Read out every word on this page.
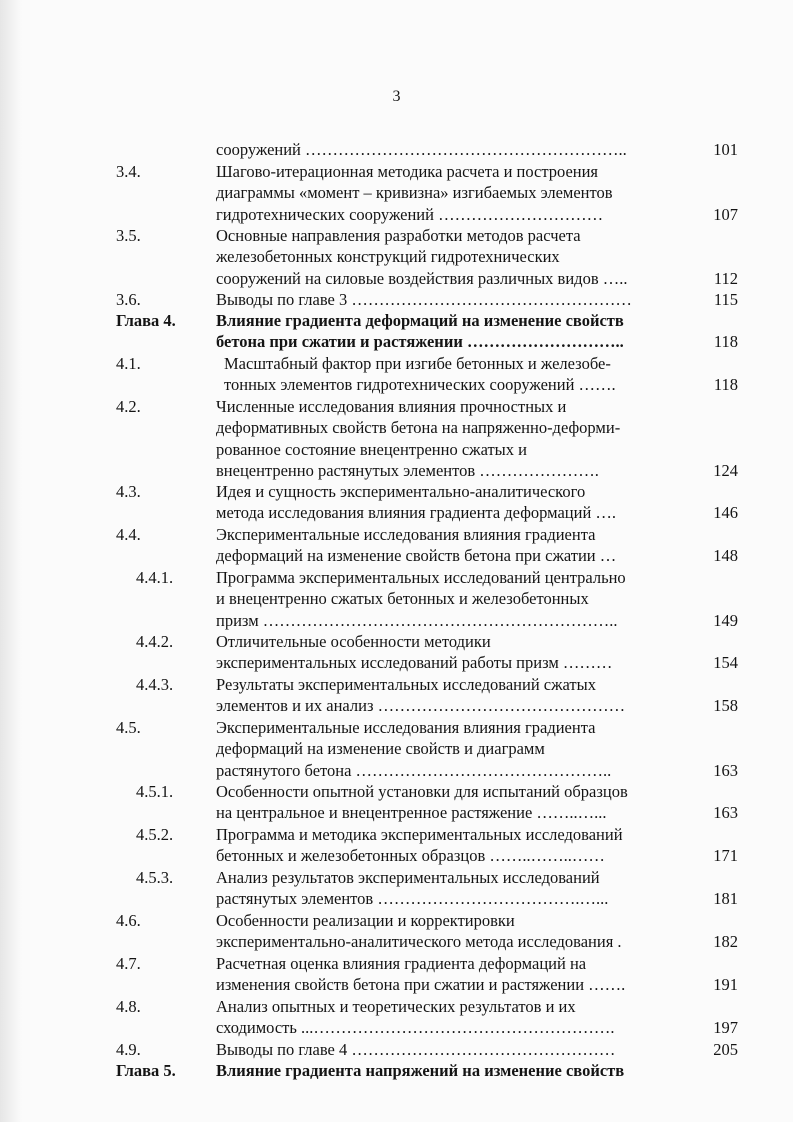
3
сооружений …………………………………………………..	101
3.4.	Шагово-итерационная методика расчета и построения
диаграммы «момент – кривизна» изгибаемых элементов
гидротехнических сооружений …………………………	107
3.5.	Основные направления разработки методов расчета
железобетонных конструкций гидротехнических
сооружений на силовые воздействия различных видов …..	112
3.6.	Выводы по главе 3 ……………………………………………	115
Глава 4. Влияние градиента деформаций на изменение свойств
бетона при сжатии и растяжении ………………………..	118
4.1.	Масштабный фактор при изгибе бетонных и железобе-
тонных элементов гидротехнических сооружений …….	118
4.2.	Численные исследования влияния прочностных и
деформативных свойств бетона на напряженно-деформи-
рованное состояние внецентренно сжатых и
внецентренно растянутых элементов ………………….	124
4.3.	Идея и сущность экспериментально-аналитического
метода исследования влияния градиента деформаций ….	146
4.4.	Экспериментальные исследования влияния градиента
деформаций на изменение свойств бетона при сжатии …	148
4.4.1.	Программа экспериментальных исследований центрально
и внецентренно сжатых бетонных и железобетонных
призм ………………………………………………………..	149
4.4.2.	Отличительные особенности методики
экспериментальных исследований работы призм ………	154
4.4.3.	Результаты экспериментальных исследований сжатых
элементов и их анализ ………………………………………	158
4.5.	Экспериментальные исследования влияния градиента
деформаций на изменение свойств и диаграмм
растянутого бетона ………………………………………..	163
4.5.1.	Особенности опытной установки для испытаний образцов
на центральное и внецентренное растяжение ……..…...	163
4.5.2.	Программа и методика экспериментальных исследований
бетонных и железобетонных образцов ……..……..……	171
4.5.3.	Анализ результатов экспериментальных исследований
растянутых элементов ……………………………….…...	181
4.6.	Особенности реализации и корректировки
экспериментально-аналитического метода исследования .	182
4.7.	Расчетная оценка влияния градиента деформаций на
изменения свойств бетона при сжатии и растяжении …….	191
4.8.	Анализ опытных и теоретических результатов и их
сходимость ...……………………………………………….	197
4.9.	Выводы по главе 4 …………………………………………	205
Глава 5. Влияние градиента напряжений на изменение свойств
